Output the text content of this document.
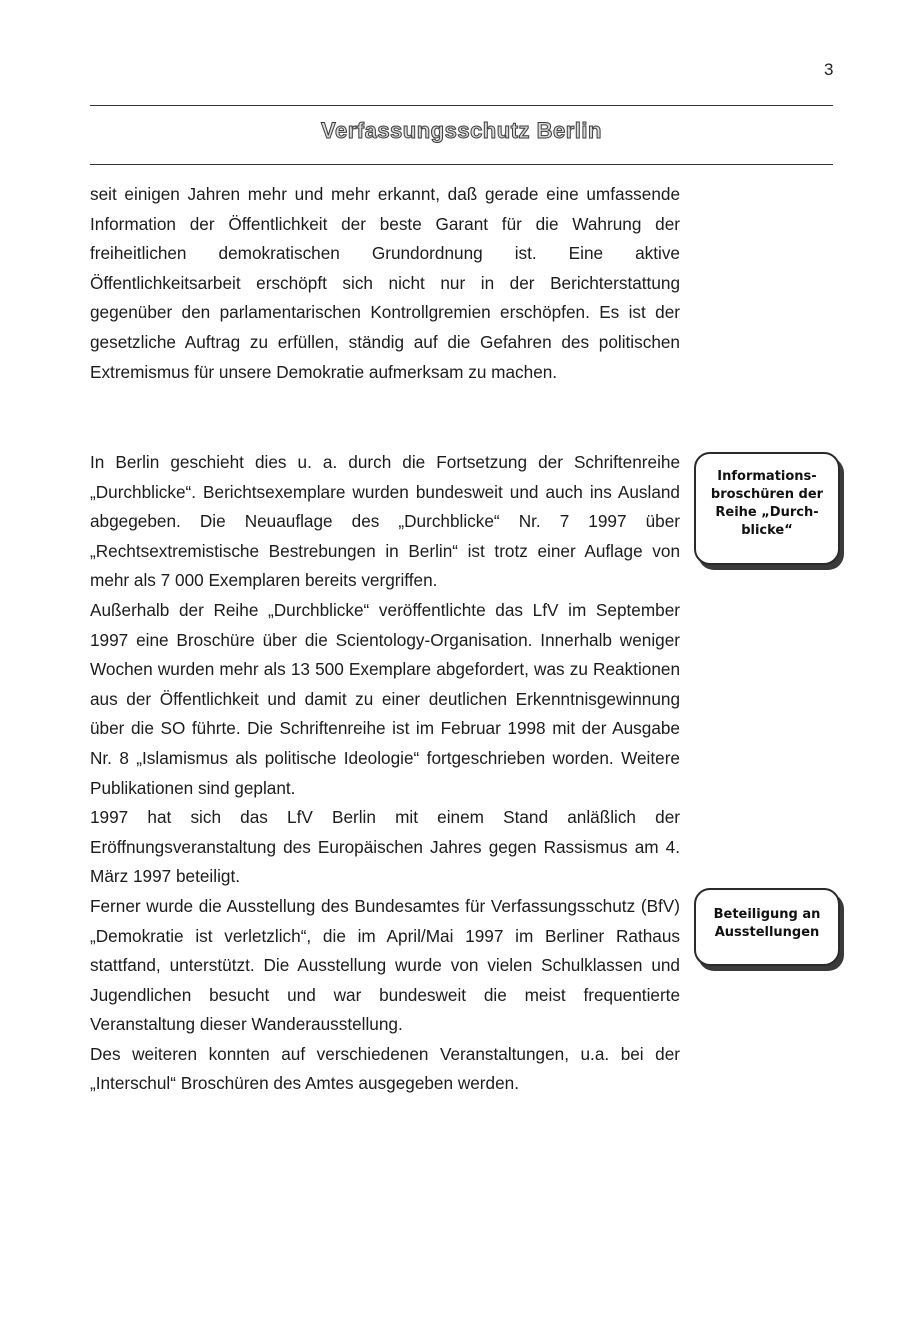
3
Verfassungsschutz Berlin

seit einigen Jahren mehr und mehr erkannt, daß gerade eine umfassende Information der Öffentlichkeit der beste Garant für die Wahrung der freiheitlichen demokratischen Grundordnung ist. Eine aktive Öffentlichkeitsarbeit erschöpft sich nicht nur in der Berichterstattung gegenüber den parlamentarischen Kontrollgremien erschöpfen. Es ist der gesetzliche Auftrag zu erfüllen, ständig auf die Gefahren des politischen Extremismus für unsere Demokratie aufmerksam zu machen.

In Berlin geschieht dies u. a. durch die Fortsetzung der Schriftenreihe „Durchblicke“. Berichtsexemplare wurden bundesweit und auch ins Ausland abgegeben. Die Neuauflage des „Durchblicke“ Nr. 7 1997 über „Rechtsextremistische Bestrebungen in Berlin“ ist trotz einer Auflage von mehr als 7 000 Exemplaren bereits vergriffen.

Außerhalb der Reihe „Durchblicke“ veröffentlichte das LfV im September 1997 eine Broschüre über die Scientology-Organisation. Innerhalb weniger Wochen wurden mehr als 13 500 Exemplare abgefordert, was zu Reaktionen aus der Öffentlichkeit und damit zu einer deutlichen Erkenntnisgewinnung über die SO führte. Die Schriftenreihe ist im Februar 1998 mit der Ausgabe Nr. 8 „Islamismus als politische Ideologie“ fortgeschrieben worden. Weitere Publikationen sind geplant.

1997 hat sich das LfV Berlin mit einem Stand anläßlich der Eröffnungsveranstaltung des Europäischen Jahres gegen Rassismus am 4. März 1997 beteiligt.

Ferner wurde die Ausstellung des Bundesamtes für Verfassungsschutz (BfV) „Demokratie ist verletzlich“, die im April/Mai 1997 im Berliner Rathaus stattfand, unterstützt. Die Ausstellung wurde von vielen Schulklassen und Jugendlichen besucht und war bundesweit die meist frequentierte Veranstaltung dieser Wanderausstellung.

Des weiteren konnten auf verschiedenen Veranstaltungen, u.a. bei der „Interschul“ Broschüren des Amtes ausgegeben werden.

Informations-
broschüren der
Reihe „Durch-
blicke“
Beteiligung an
Ausstellungen
